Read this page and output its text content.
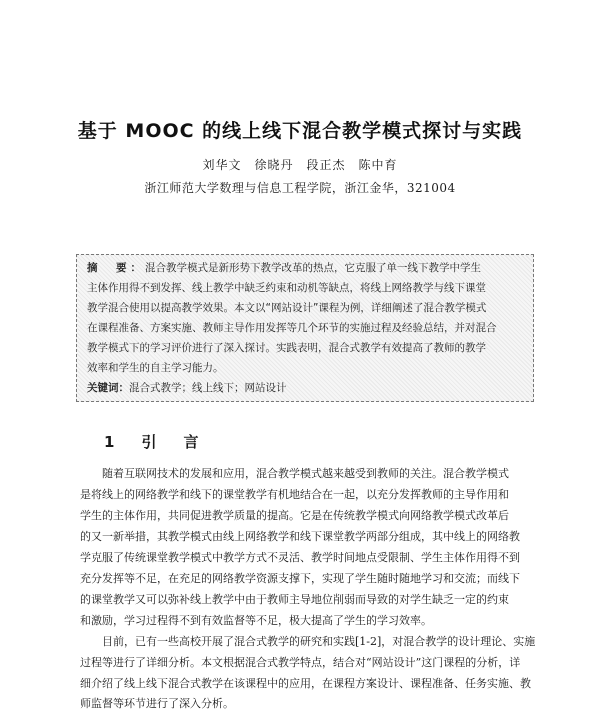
基于 MOOC 的线上线下混合教学模式探讨与实践
刘华文　徐晓丹　段正杰　陈中育
浙江师范大学数理与信息工程学院，浙江金华，321004
摘　要：混合教学模式是新形势下教学改革的热点，它克服了单一线下教学中学生
主体作用得不到发挥、线上教学中缺乏约束和动机等缺点，将线上网络教学与线下课堂
教学混合使用以提高教学效果。本文以“网站设计”课程为例，详细阐述了混合教学模式
在课程准备、方案实施、教师主导作用发挥等几个环节的实施过程及经验总结，并对混合
教学模式下的学习评价进行了深入探讨。实践表明，混合式教学有效提高了教师的教学
效率和学生的自主学习能力。
关键词：混合式教学；线上线下；网站设计
1　 引　言
　　随着互联网技术的发展和应用，混合教学模式越来越受到教师的关注。混合教学模式
是将线上的网络教学和线下的课堂教学有机地结合在一起，以充分发挥教师的主导作用和
学生的主体作用，共同促进教学质量的提高。它是在传统教学模式向网络教学模式改革后
的又一新举措，其教学模式由线上网络教学和线下课堂教学两部分组成，其中线上的网络教
学克服了传统课堂教学模式中教学方式不灵活、教学时间地点受限制、学生主体作用得不到
充分发挥等不足，在充足的网络教学资源支撑下，实现了学生随时随地学习和交流；而线下
的课堂教学又可以弥补线上教学中由于教师主导地位削弱而导致的对学生缺乏一定的约束
和激励，学习过程得不到有效监督等不足，极大提高了学生的学习效率。
　　目前，已有一些高校开展了混合式教学的研究和实践[1-2]，对混合教学的设计理论、实施
过程等进行了详细分析。本文根据混合式教学特点，结合对“网站设计”这门课程的分析，详
细介绍了线上线下混合式教学在该课程中的应用，在课程方案设计、课程准备、任务实施、教
师监督等环节进行了深入分析。
